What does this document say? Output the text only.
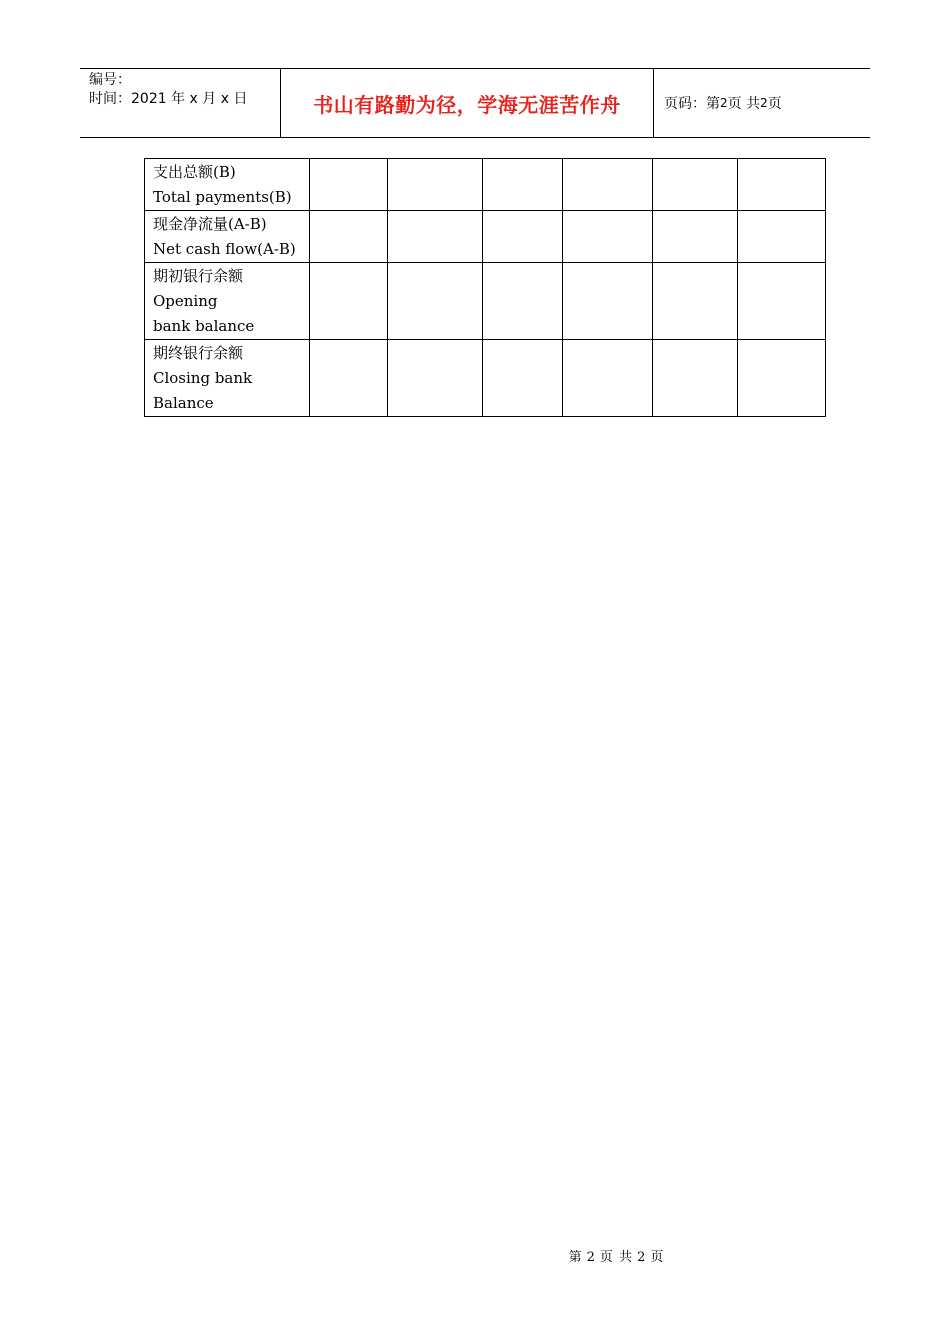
编号：
时间：2021 年 x 月 x 日	书山有路勤为径，学海无涯苦作舟	页码：第 2 页 共 2 页
支出总额(B)
Total payments(B)						

现金净流量(A-B)
Net cash flow(A-B)						

期初银行余额
Opening
bank balance						

期终银行余额
Closing bank
Balance						

第 2 页 共 2 页
